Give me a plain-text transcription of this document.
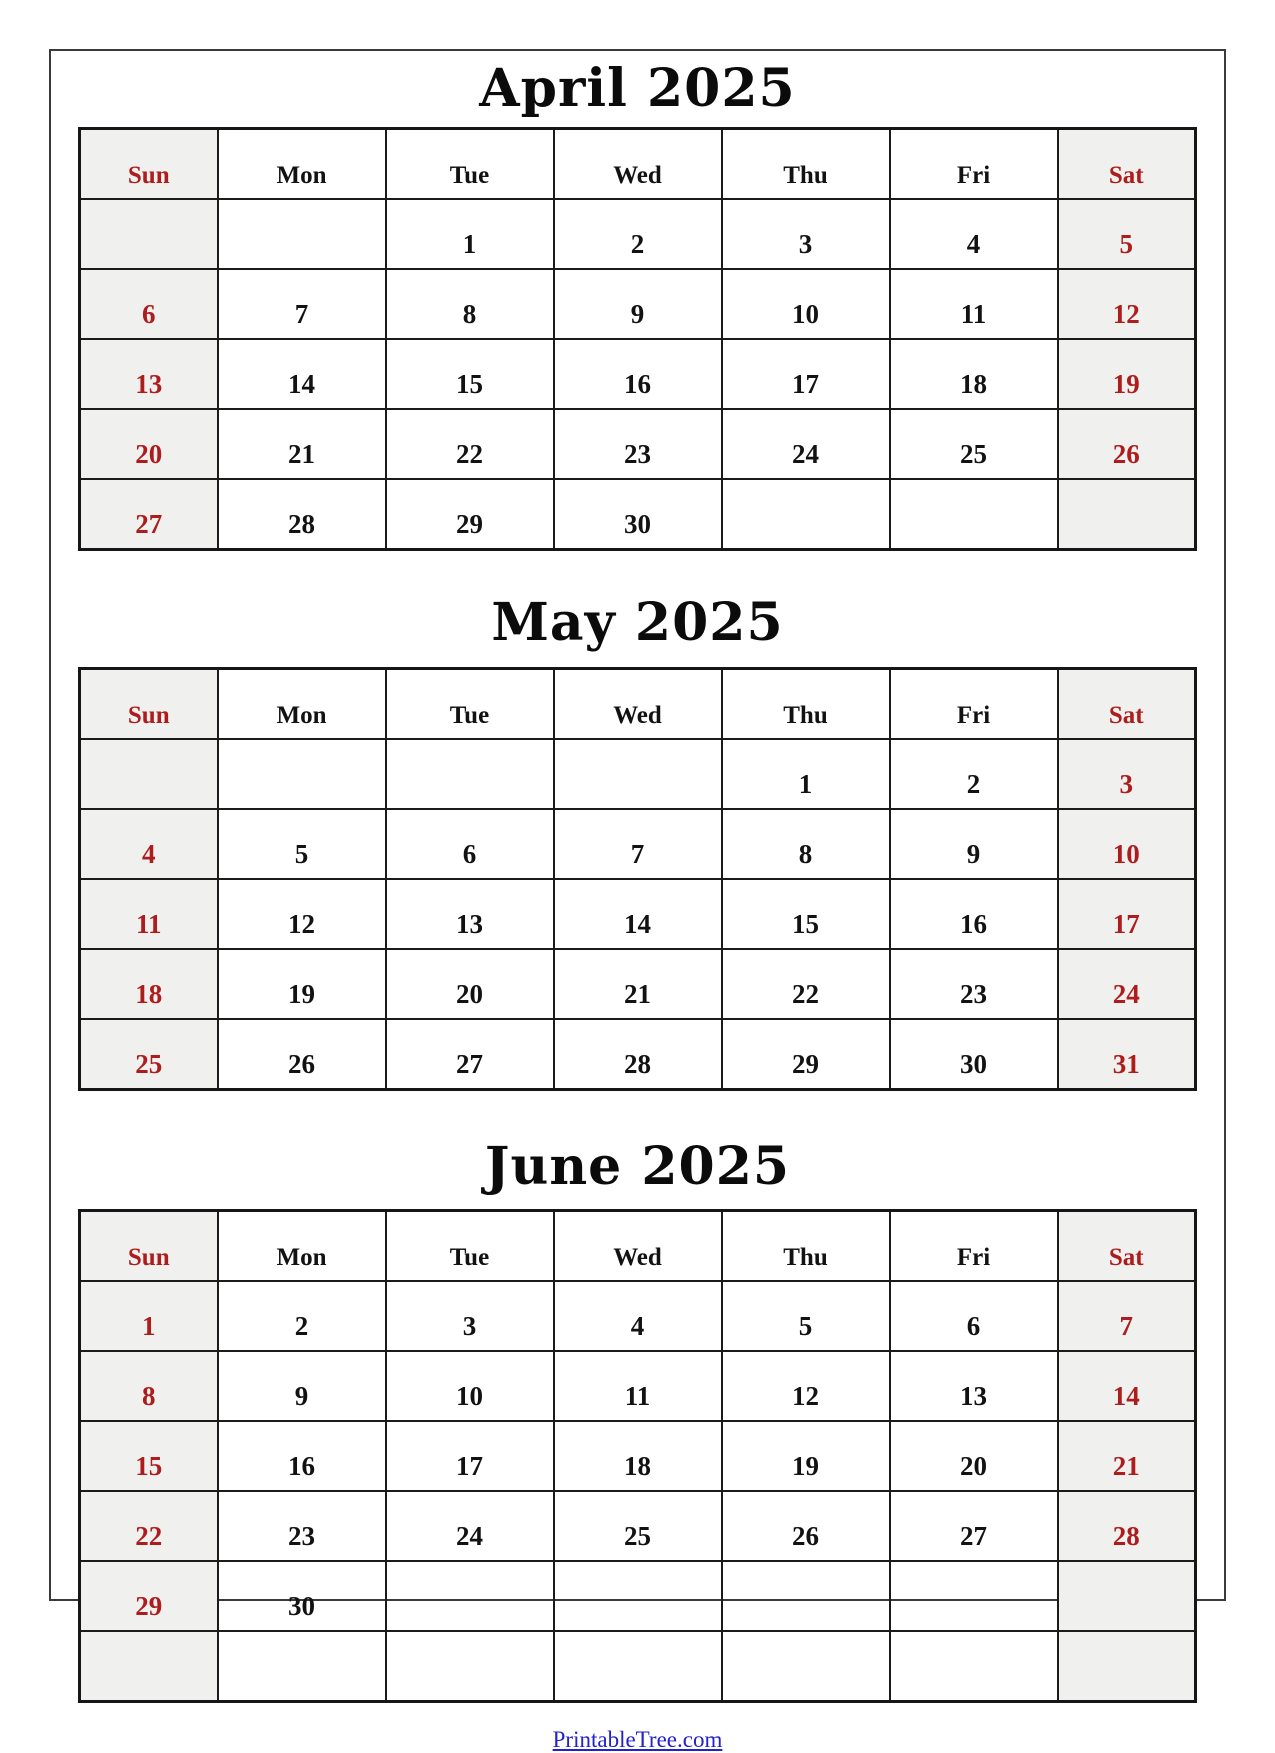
April 2025
Sun	Mon	Tue	Wed	Thu	Fri	Sat
		1	2	3	4	5
6	7	8	9	10	11	12
13	14	15	16	17	18	19
20	21	22	23	24	25	26
27	28	29	30			
May 2025
Sun	Mon	Tue	Wed	Thu	Fri	Sat
				1	2	3
4	5	6	7	8	9	10
11	12	13	14	15	16	17
18	19	20	21	22	23	24
25	26	27	28	29	30	31
June 2025
Sun	Mon	Tue	Wed	Thu	Fri	Sat
1	2	3	4	5	6	7
8	9	10	11	12	13	14
15	16	17	18	19	20	21
22	23	24	25	26	27	28
29	30					

PrintableTree.com
